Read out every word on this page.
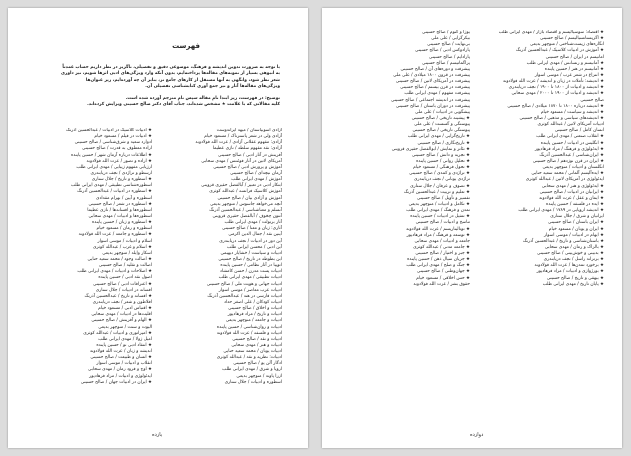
فهرست
با توجه به ضرورت تدوین اندیشه و فرهنگ، موضوعی دقیق و تفصیلی، ناگزیر در نظر داریم حساب عمدتاً
به انبوهی بسیار از نمونه‌های مقاله‌ها پرداخته‌ایم، بدون آنکه وارد ویژگی‌های ادبی اثرها شویم، نیز داوری
شعر نظر شود، وانگهی به آنها مستقل از کارهای جامع تر، بنابر آن چه آورده‌ایم، زیر عنوان‌ها
ویژگی‌های مقاله‌ها آثار و نیز جمع آوری کتابشناسی تفصیلی آن.
توضیح: در فهرست، زیر ابتدا نام مقاله سپس نام مترجم آورده شده است.
کلیه مقالاتی که با علامت ★ مشخص شده‌اند، جناب آقای دکتر صالح حسینی ویرایش کرده‌اند.
آزادی آسوبیاستان / میهد ایراندوست
آزادی ولی در شعر پاسترناک / مسعود خیام
آزادی: مقهوم عقلانی آزادی / عزت الله فولادوند
آزادی: نقد مقهوم سلطه / نازی عظیما
آفرینش در آثار ادبی / صالح حسینی
آمریکای لاتین در آثار فوئنتس / مهدی سحابی
آموزش و پرورش ادبی / صالح حسینی
آرمان نیچه‌ای / صالح حسینی
آموزش / مهدی ایرانی طلب
ابتکار ادبی در تعبیر / آبالفضل حقیری قزوینی
آموزش کلاسیک فرانسه / عبدالله کوثری
آموزش و آزادی بیان / صالح حسینی
آنچه می‌خواهد جاسوس / منوچهر بدیعی
آنسلم و معناشناسی / عبدالحسین آذرنگ
آنتون چخوف / آبالفضل حقیری قزوینی
آثار برتولت / مهدی ایرانی طلب
آثاری: زبان و معنا / صالح حسینی
آینین نقد / جمال الدین اکرمی
آین دور در ادبیات / نجف دریابندری
آین ادبی / محسن ایرانی طلب
ادبیات و سیاست / خشایار دیهیمی
ابن بطوطه در تاریخ / صالح حسینی
اتوپیا در آثار نظامی / حسین پاینده
ادبیات پست مدرن / حسن کامشاد
ادبیات تطبیقی / مهدی ایرانی طلب
ادبیات جهانی و هویت ملی / صالح حسینی
ادبیات عرب معاصر / موسی اسوار
ادبیات فارسی در هند / عبدالحسین آذرنگ
ادبیات کودکان / علی اصغر حداد
ادبیات و اخلاق / صالح حسینی
ادبیات و تاریخ / مراد فرهادپور
ادبیات و جامعه / منوچهر بدیعی
ادبیات و روان‌شناسی / حسین پاینده
ادبیات و فلسفه / عزت الله فولادوند
ادبیات و نقد / صالح حسینی
ادبیات و هنر / مهدی سحابی
ادبیات یونان / محمد سعید حنایی
ادبیات: نظریه و نقد / عبدالله کوثری
ادگار آلن پو / صالح حسینی
اروپا و شرق / مهدی ایرانی طلب
ازرا پاوند / منوچهر بدیعی
اسطوره و ادبیات / جلال ستاری
★ ادبیات کلاسیک در ادبیات / عبدالحسین آذرنگ
★ ادبیات در فیلم / مسعود خیام
ادوارد سعید و شرق‌شناسی / صالح حسینی
اراده معطوف به قدرت / صالح حسینی
★ اطلاعات درباره آرمان شهر / حسین پاینده
★ اراده و تصور / عزت الله فولادوند
ارزیابی مفهوم زیبایی / مهدی ایرانی طلب
ارسطو و تراژدی / نجف دریابندری
★ اسطوره و تاریخ / جلال ستاری
اسطوره‌شناسی تطبیقی / مهدی ایرانی طلب
★ اسطوره در ادبیات / عبدالحسین آذرنگ
اسطوره و آیین / بهرام مقدادی
★ اسطوره در شعر / صالح حسینی
اسطوره‌ها و افسانه‌ها / نازی عظیما
اسطوره‌ها و ادبیات / مهدی سحابی
★ اسطوره و زبان / حسین پاینده
اسطوره و رمان / مسعود خیام
★ اسطوره و جامعه / عزت الله فولادوند
اسلام و ادبیات / موسی اسوار
★ اسلام و غرب / عبدالله کوثری
اسکار وایلد / منوچهر بدیعی
★ اصالت وجود / محمد سعید حنایی
اصالت و تقلید / صالح حسینی
★ اصلاحات و ادبیات / مهدی ایرانی طلب
اصول نقد ادبی / حسین پاینده
★ اعترافات ادبی / صالح حسینی
افسانه در ادبیات / جلال ستاری
★ افسانه و تاریخ / عبدالحسین آذرنگ
افلاطون و شعر / نجف دریابندری
★ اقتباس ادبی / مسعود خیام
اقلیت‌ها در ادبیات / مهدی سحابی
★ الهام و آفرینش / صالح حسینی
الیوت و سنت / منوچهر بدیعی
★ امپراتوری و ادبیات / عبدالله کوثری
امیل زولا / مهدی ایرانی طلب
★ انتقاد ادبی نو / حسین پاینده
اندیشه و زبان / عزت الله فولادوند
★ انسان و طبیعت / صالح حسینی
انقلاب و ادبیات / موسی اسوار
★ اوج و فرود رمان / مهدی سحابی
ایدئولوژی و ادبیات / مراد فرهادپور
★ ایران در ادبیات جهان / صالح حسینی
یازده
★ اقتصاد: سوسیالیسم و اقتصاد بازار / مهدی ایرانی طلب
★ اگزیستانسیالیسم / صالح حسینی
انگاره‌های زیست‌شناختی / منوچهر بدیعی
★ آموزش در ادبیات کلاسیک / عبدالحسین آذرنگ
امانیسم در ایران / صالح حسینی
★ آمانیسم و رنسانس / مهدی ایرانی طلب
★ آمانیسم در هنر / حسین پاینده
★ انتزاع در شعر عرب / موسی اسوار
★ اندیشه: تأملات در زبان و اندیشه / عزت الله فولادوند
★ اندیشه و ادبیات از ۱۸۰۰ تا ۱۹۰۰ / نجف دریابندری
★ اندیشه و ادبیات از ۱۹۰۰ تا ۲۰۰۰ / مهدی سحابی
صالح حسینی
★ اندیشه درباره ۱۸۰۰ تا ۱۸۷۰ میلادی / صالح حسینی
★ اندیشه و سیاست / مسعود خیام
★ اندیشه‌های سیاسی و مذهبی / صالح حسینی
ادبیات آمریکای لاتین / عبدالله کوثری
انسان کامل / صالح حسینی
★ انقلاب صنعتی / مهدی ایرانی طلب
★ انگلیس در ادبیات / حسین پاینده
★ ایدئولوژی و فرهنگ / مراد فرهادپور
★ ایران‌شناسی / عبدالحسین آذرنگ
★ ایران در قرن نوزدهم / صالح حسینی
انگلستان و ادبیات / منوچهر بدیعی
★ ایده‌آلیسم آلمانی / محمد سعید حنایی
ایدئولوژی در آمریکای لاتین / عبدالله کوثری
★ ایدئولوژی و هنر / مهدی سحابی
★ ایرانیان در ادبیات / صالح حسینی
★ ایمان و عقل / عزت الله فولادوند
★ ایده در فلسفه / حسین پاینده
★ اندیشه اروپایی در ۱۷۸۹ / مهدی ایرانی طلب
ایرانیان و شرق / جلال ستاری
★ ایران باستان / صالح حسینی
★ ایران و یونان / مسعود خیام
★ ایهام در ادبیات / موسی اسوار
★ باستان‌شناسی و تاریخ / عبدالحسین آذرنگ
★ بالزاک و رمان / مهدی سحابی
★ بدبینی و خوش‌بینی / صالح حسینی
★ برتراند راسل / نجف دریابندری
★ برخورد تمدن‌ها / عزت الله فولادوند
★ بورژوازی و ادبیات / مراد فرهادپور
★ بیهقی و تاریخ / صالح حسینی
★ پایان تاریخ / مهدی ایرانی طلب
یوزا و کنوم / صالح حسینی
بیکرگرایی / علی ملی
بی‌نهایت / صالح حسینی
پارادوکس ادبی / صالح حسینی
پارادایم / صالح حسینی
پراگماتیسم / صالح حسینی
پیشرفت و دوره‌های آن / صالح حسینی
پیشرفت در قرون ۱۸۰۰ میلادی / علی ملی
پیشرفت در آمریکای لاتین / صالح حسینی
پیشرفت در قرن بیستم / صالح حسینی
پیشرفت مفهوم / مهدی ایرانی طلب
پیشرفت در اندیشه اجتماعی / صالح حسینی
پیشرفت در دوران باستان / صالح حسینی
پیشگویی در ادبیات / علی ملی
★ پیشینه تاریخی / صالح حسینی
پیوستگی و گسست / علی ملی
پیوستگی تاریخی / صالح حسینی
★ تاریخ‌گرایی / مهدی ایرانی طلب
★ تاریخ‌نگاری / صالح حسینی
★ تئاتر و نمایش / ابوالفضل حقیری قزوینی
★ تجربه و دانش / صالح حسینی
★ تحلیل روانی / حسین پاینده
★ تحول فرهنگی / مسعود خیام
★ تراژدی و کمدی / صالح حسینی
تراژدی یونانی / نجف دریابندری
★ تصوف و عرفان / جلال ستاری
★ تعلیم و تربیت / عبدالحسین آذرنگ
تفسیر و تأویل / صالح حسینی
★ تکامل و ادبیات / منوچهر بدیعی
تمدن و فرهنگ / مهدی ایرانی طلب
★ تمثیل در ادبیات / حسین پاینده
تناسخ و ادبیات / صالح حسینی
★ توتالیتاریسم / عزت الله فولادوند
★ توسعه و فرهنگ / مراد فرهادپور
جامعه و ادبیات / مهدی سحابی
★ جامعه مدنی / عبدالله کوثری
★ جبر و اختیار / صالح حسینی
★ جریان سیال ذهن / حسین پاینده
★ جنگ و صلح / مهدی ایرانی طلب
★ جهان‌وطنی / صالح حسینی
★ حس اخلاقی / مسعود خیام
حقوق بشر / عزت الله فولادوند
دوازده
